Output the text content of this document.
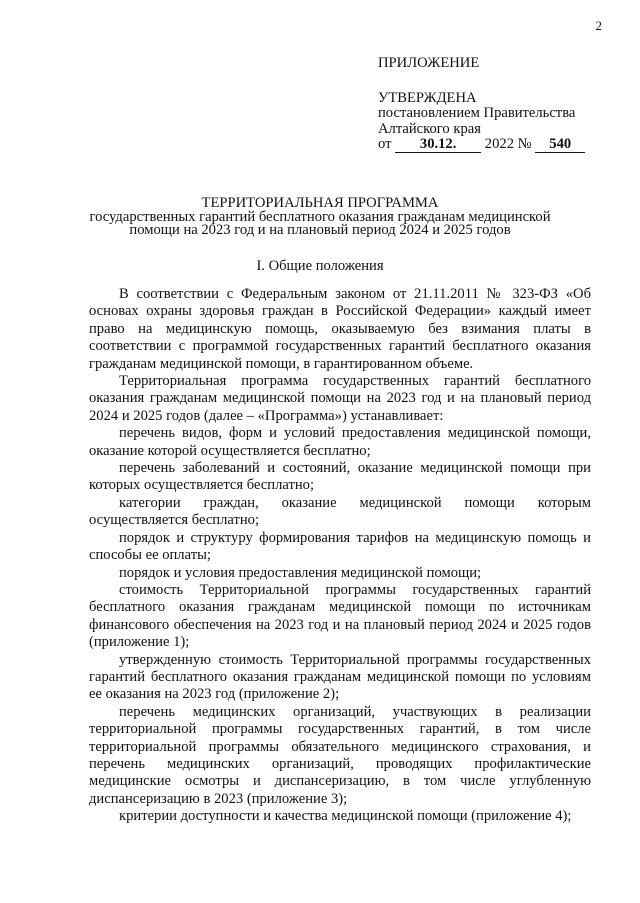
2
ПРИЛОЖЕНИЕ
УТВЕРЖДЕНА
постановлением Правительства
Алтайского края
от 30.12. 2022 № 540
ТЕРРИТОРИАЛЬНАЯ ПРОГРАММА
государственных гарантий бесплатного оказания гражданам медицинской
помощи на 2023 год и на плановый период 2024 и 2025 годов
I. Общие положения

В соответствии с Федеральным законом от 21.11.2011 № 323-ФЗ «Об основах охраны здоровья граждан в Российской Федерации» каждый имеет право на медицинскую помощь, оказываемую без взимания платы в соответствии с программой государственных гарантий бесплатного оказания гражданам медицинской помощи, в гарантированном объеме.

Территориальная программа государственных гарантий бесплатного оказания гражданам медицинской помощи на 2023 год и на плановый период 2024 и 2025 годов (далее – «Программа») устанавливает:

перечень видов, форм и условий предоставления медицинской помощи, оказание которой осуществляется бесплатно;

перечень заболеваний и состояний, оказание медицинской помощи при которых осуществляется бесплатно;

категории граждан, оказание медицинской помощи которым осуществляется бесплатно;

порядок и структуру формирования тарифов на медицинскую помощь и способы ее оплаты;

порядок и условия предоставления медицинской помощи;

стоимость Территориальной программы государственных гарантий бесплатного оказания гражданам медицинской помощи по источникам финансового обеспечения на 2023 год и на плановый период 2024 и 2025 годов (приложение 1);

утвержденную стоимость Территориальной программы государственных гарантий бесплатного оказания гражданам медицинской помощи по условиям ее оказания на 2023 год (приложение 2);

перечень медицинских организаций, участвующих в реализации территориальной программы государственных гарантий, в том числе территориальной программы обязательного медицинского страхования, и перечень медицинских организаций, проводящих профилактические медицинские осмотры и диспансеризацию, в том числе углубленную диспансеризацию в 2023 (приложение 3);

критерии доступности и качества медицинской помощи (приложение 4);
